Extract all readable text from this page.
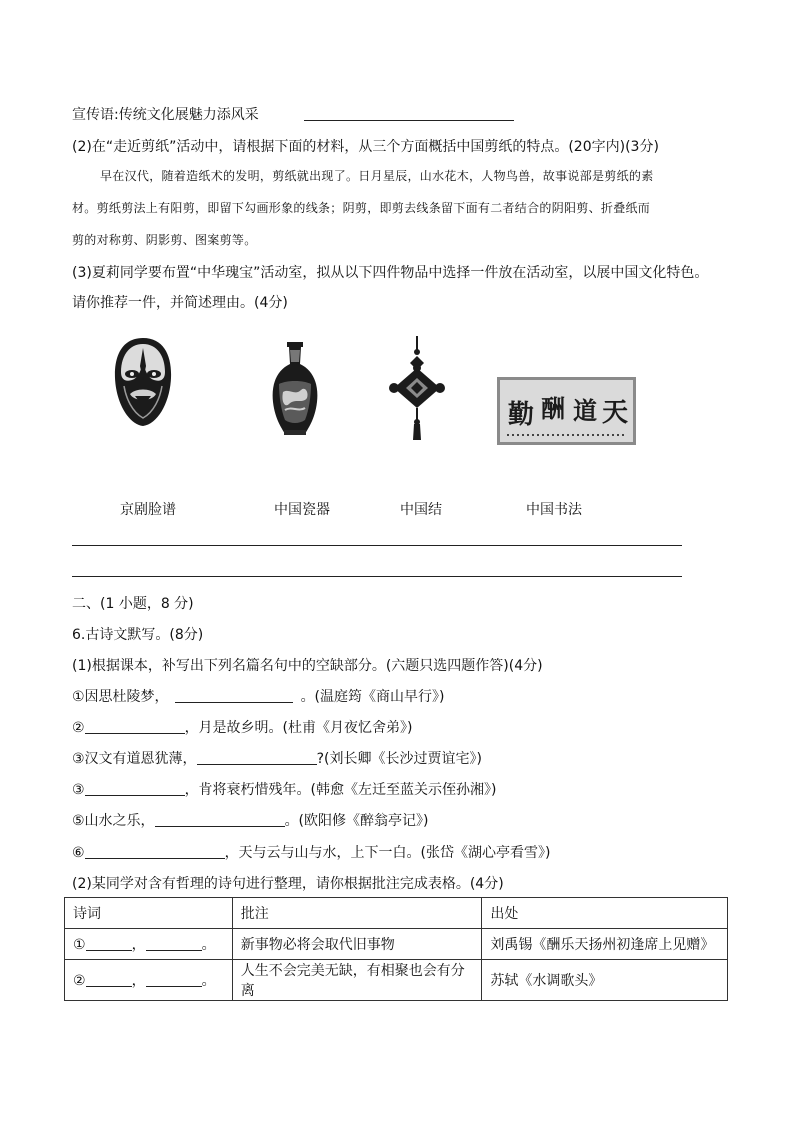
宣传语:传统文化展魅力添风采
(2)在“走近剪纸”活动中，请根据下面的材料，从三个方面概括中国剪纸的特点。(20字内)(3分)
早在汉代，随着造纸术的发明，剪纸就出现了。日月星辰，山水花木，人物鸟兽，故事说部是剪纸的素
材。剪纸剪法上有阳剪，即留下勾画形象的线条；阴剪，即剪去线条留下面有二者结合的阴阳剪、折叠纸而
剪的对称剪、阴影剪、图案剪等。
(3)夏莉同学要布置“中华瑰宝”活动室，拟从以下四件物品中选择一件放在活动室，以展中国文化特色。
请你推荐一件，并简述理由。(4分)
天
道
酬
勤
京剧脸谱	中国瓷器	中国结	中国书法
二、(1 小题，8 分)
6.古诗文默写。(8分)
(1)根据课本，补写出下列名篇名句中的空缺部分。(六题只选四题作答)(4分)
①因思杜陵梦，	。(温庭筠《商山早行》)
②	，月是故乡明。(杜甫《月夜忆舍弟》)
③汉文有道恩犹薄，	?(刘长卿《长沙过贾谊宅》)
③	，肯将衰朽惜残年。(韩愈《左迁至蓝关示侄孙湘》)
⑤山水之乐，	。(欧阳修《醉翁亭记》)
⑥	，天与云与山与水，上下一白。(张岱《湖心亭看雪》)
(2)某同学对含有哲理的诗句进行整理，请你根据批注完成表格。(4分)
诗词	批注	出处
① ， 。	新事物必将会取代旧事物	刘禹锡《酬乐天扬州初逢席上见赠》
② ， 。	人生不会完美无缺，有相聚也会有分离	苏轼《水调歌头》
